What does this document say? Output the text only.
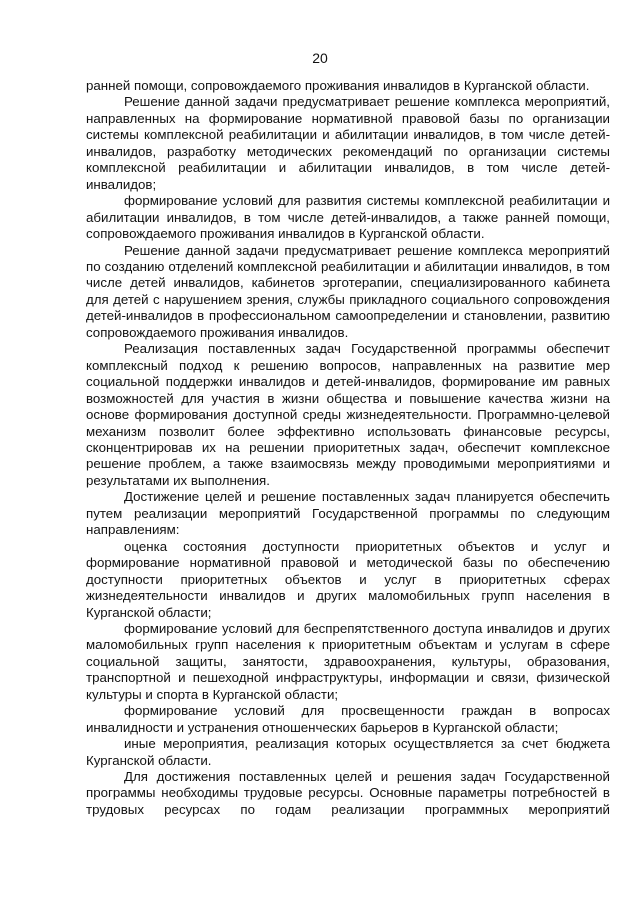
20

ранней помощи, сопровождаемого проживания инвалидов в Курганской области.

Решение данной задачи предусматривает решение комплекса мероприятий, направленных на формирование нормативной правовой базы по организации системы комплексной реабилитации и абилитации инвалидов, в том числе детей-инвалидов, разработку методических рекомендаций по организации системы комплексной реабилитации и абилитации инвалидов, в том числе детей-инвалидов;

формирование условий для развития системы комплексной реабилитации и абилитации инвалидов, в том числе детей-инвалидов, а также ранней помощи, сопровождаемого проживания инвалидов в Курганской области.

Решение данной задачи предусматривает решение комплекса мероприятий по созданию отделений комплексной реабилитации и абилитации инвалидов, в том числе детей инвалидов, кабинетов эрготерапии, специализированного кабинета для детей с нарушением зрения, службы прикладного социального сопровождения детей-инвалидов в профессиональном самоопределении и становлении, развитию сопровождаемого проживания инвалидов.

Реализация поставленных задач Государственной программы обеспечит комплексный подход к решению вопросов, направленных на развитие мер социальной поддержки инвалидов и детей-инвалидов, формирование им равных возможностей для участия в жизни общества и повышение качества жизни на основе формирования доступной среды жизнедеятельности. Программно-целевой механизм позволит более эффективно использовать финансовые ресурсы, сконцентрировав их на решении приоритетных задач, обеспечит комплексное решение проблем, а также взаимосвязь между проводимыми мероприятиями и результатами их выполнения.

Достижение целей и решение поставленных задач планируется обеспечить путем реализации мероприятий Государственной программы по следующим направлениям:

оценка состояния доступности приоритетных объектов и услуг и формирование нормативной правовой и методической базы по обеспечению доступности приоритетных объектов и услуг в приоритетных сферах жизнедеятельности инвалидов и других маломобильных групп населения в Курганской области;

формирование условий для беспрепятственного доступа инвалидов и других маломобильных групп населения к приоритетным объектам и услугам в сфере социальной защиты, занятости, здравоохранения, культуры, образования, транспортной и пешеходной инфраструктуры, информации и связи, физической культуры и спорта в Курганской области;

формирование условий для просвещенности граждан в вопросах инвалидности и устранения отношенческих барьеров в Курганской области;

иные мероприятия, реализация которых осуществляется за счет бюджета Курганской области.

Для достижения поставленных целей и решения задач Государственной программы необходимы трудовые ресурсы. Основные параметры потребностей в трудовых ресурсах по годам реализации программных мероприятий
